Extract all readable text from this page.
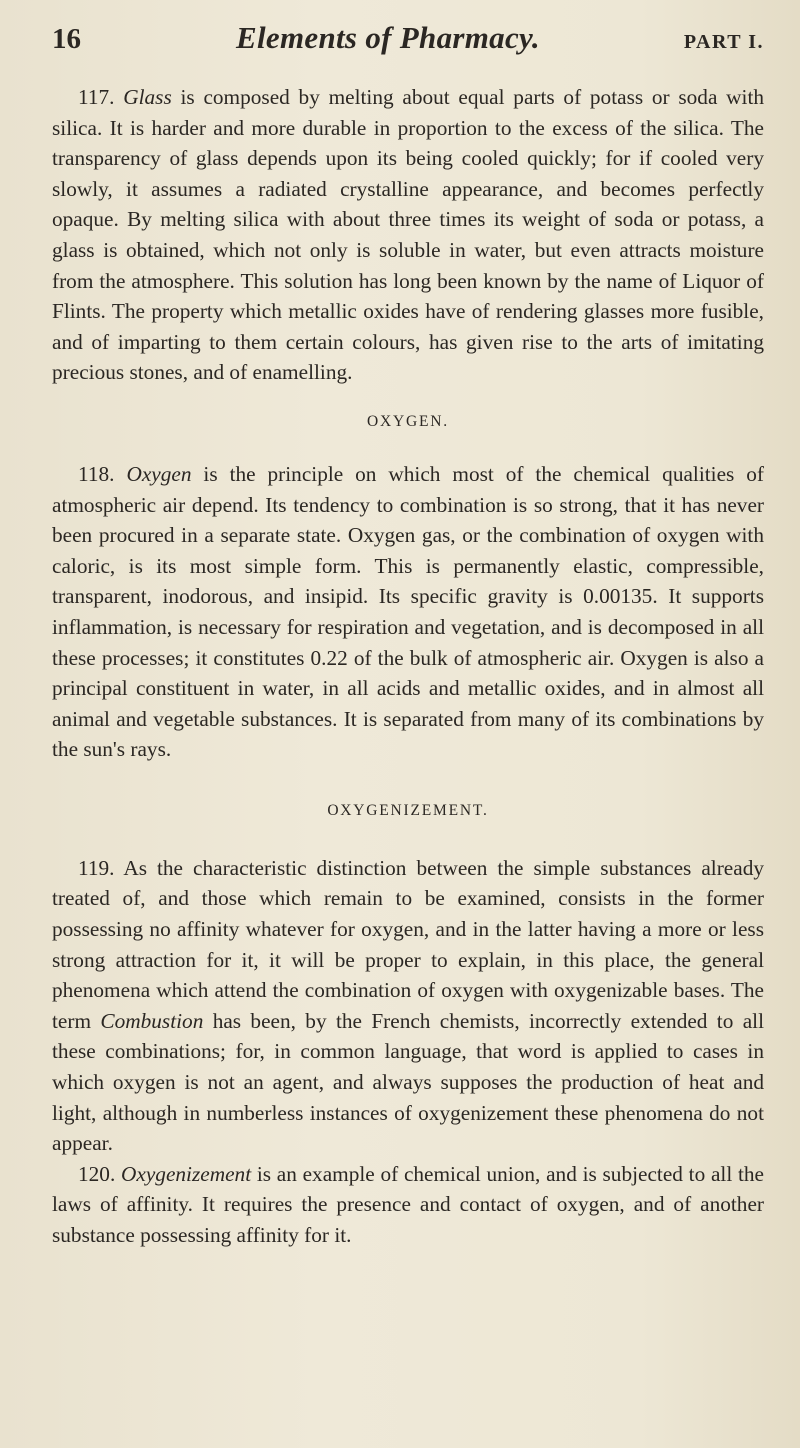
16	Elements of Pharmacy.	PART I.

117. Glass is composed by melting about equal parts of potass or soda with silica. It is harder and more durable in proportion to the excess of the silica. The transparency of glass depends upon its being cooled quickly; for if cooled very slowly, it assumes a radiated crystalline appearance, and becomes perfectly opaque. By melting silica with about three times its weight of soda or potass, a glass is obtained, which not only is soluble in water, but even attracts moisture from the atmosphere. This solution has long been known by the name of Liquor of Flints. The property which metallic oxides have of rendering glasses more fusible, and of imparting to them certain colours, has given rise to the arts of imitating precious stones, and of enamelling.

OXYGEN.

118. Oxygen is the principle on which most of the chemical qualities of atmospheric air depend. Its tendency to combination is so strong, that it has never been procured in a separate state. Oxygen gas, or the combination of oxygen with caloric, is its most simple form. This is permanently elastic, compressible, transparent, inodorous, and insipid. Its specific gravity is 0.00135. It supports inflammation, is necessary for respiration and vegetation, and is decomposed in all these processes; it constitutes 0.22 of the bulk of atmospheric air. Oxygen is also a principal constituent in water, in all acids and metallic oxides, and in almost all animal and vegetable substances. It is separated from many of its combinations by the sun's rays.

OXYGENIZEMENT.

119. As the characteristic distinction between the simple substances already treated of, and those which remain to be examined, consists in the former possessing no affinity whatever for oxygen, and in the latter having a more or less strong attraction for it, it will be proper to explain, in this place, the general phenomena which attend the combination of oxygen with oxygenizable bases. The term Combustion has been, by the French chemists, incorrectly extended to all these combinations; for, in common language, that word is applied to cases in which oxygen is not an agent, and always supposes the production of heat and light, although in numberless instances of oxygenizement these phenomena do not appear.

120. Oxygenizement is an example of chemical union, and is subjected to all the laws of affinity. It requires the presence and contact of oxygen, and of another substance possessing affinity for it.
